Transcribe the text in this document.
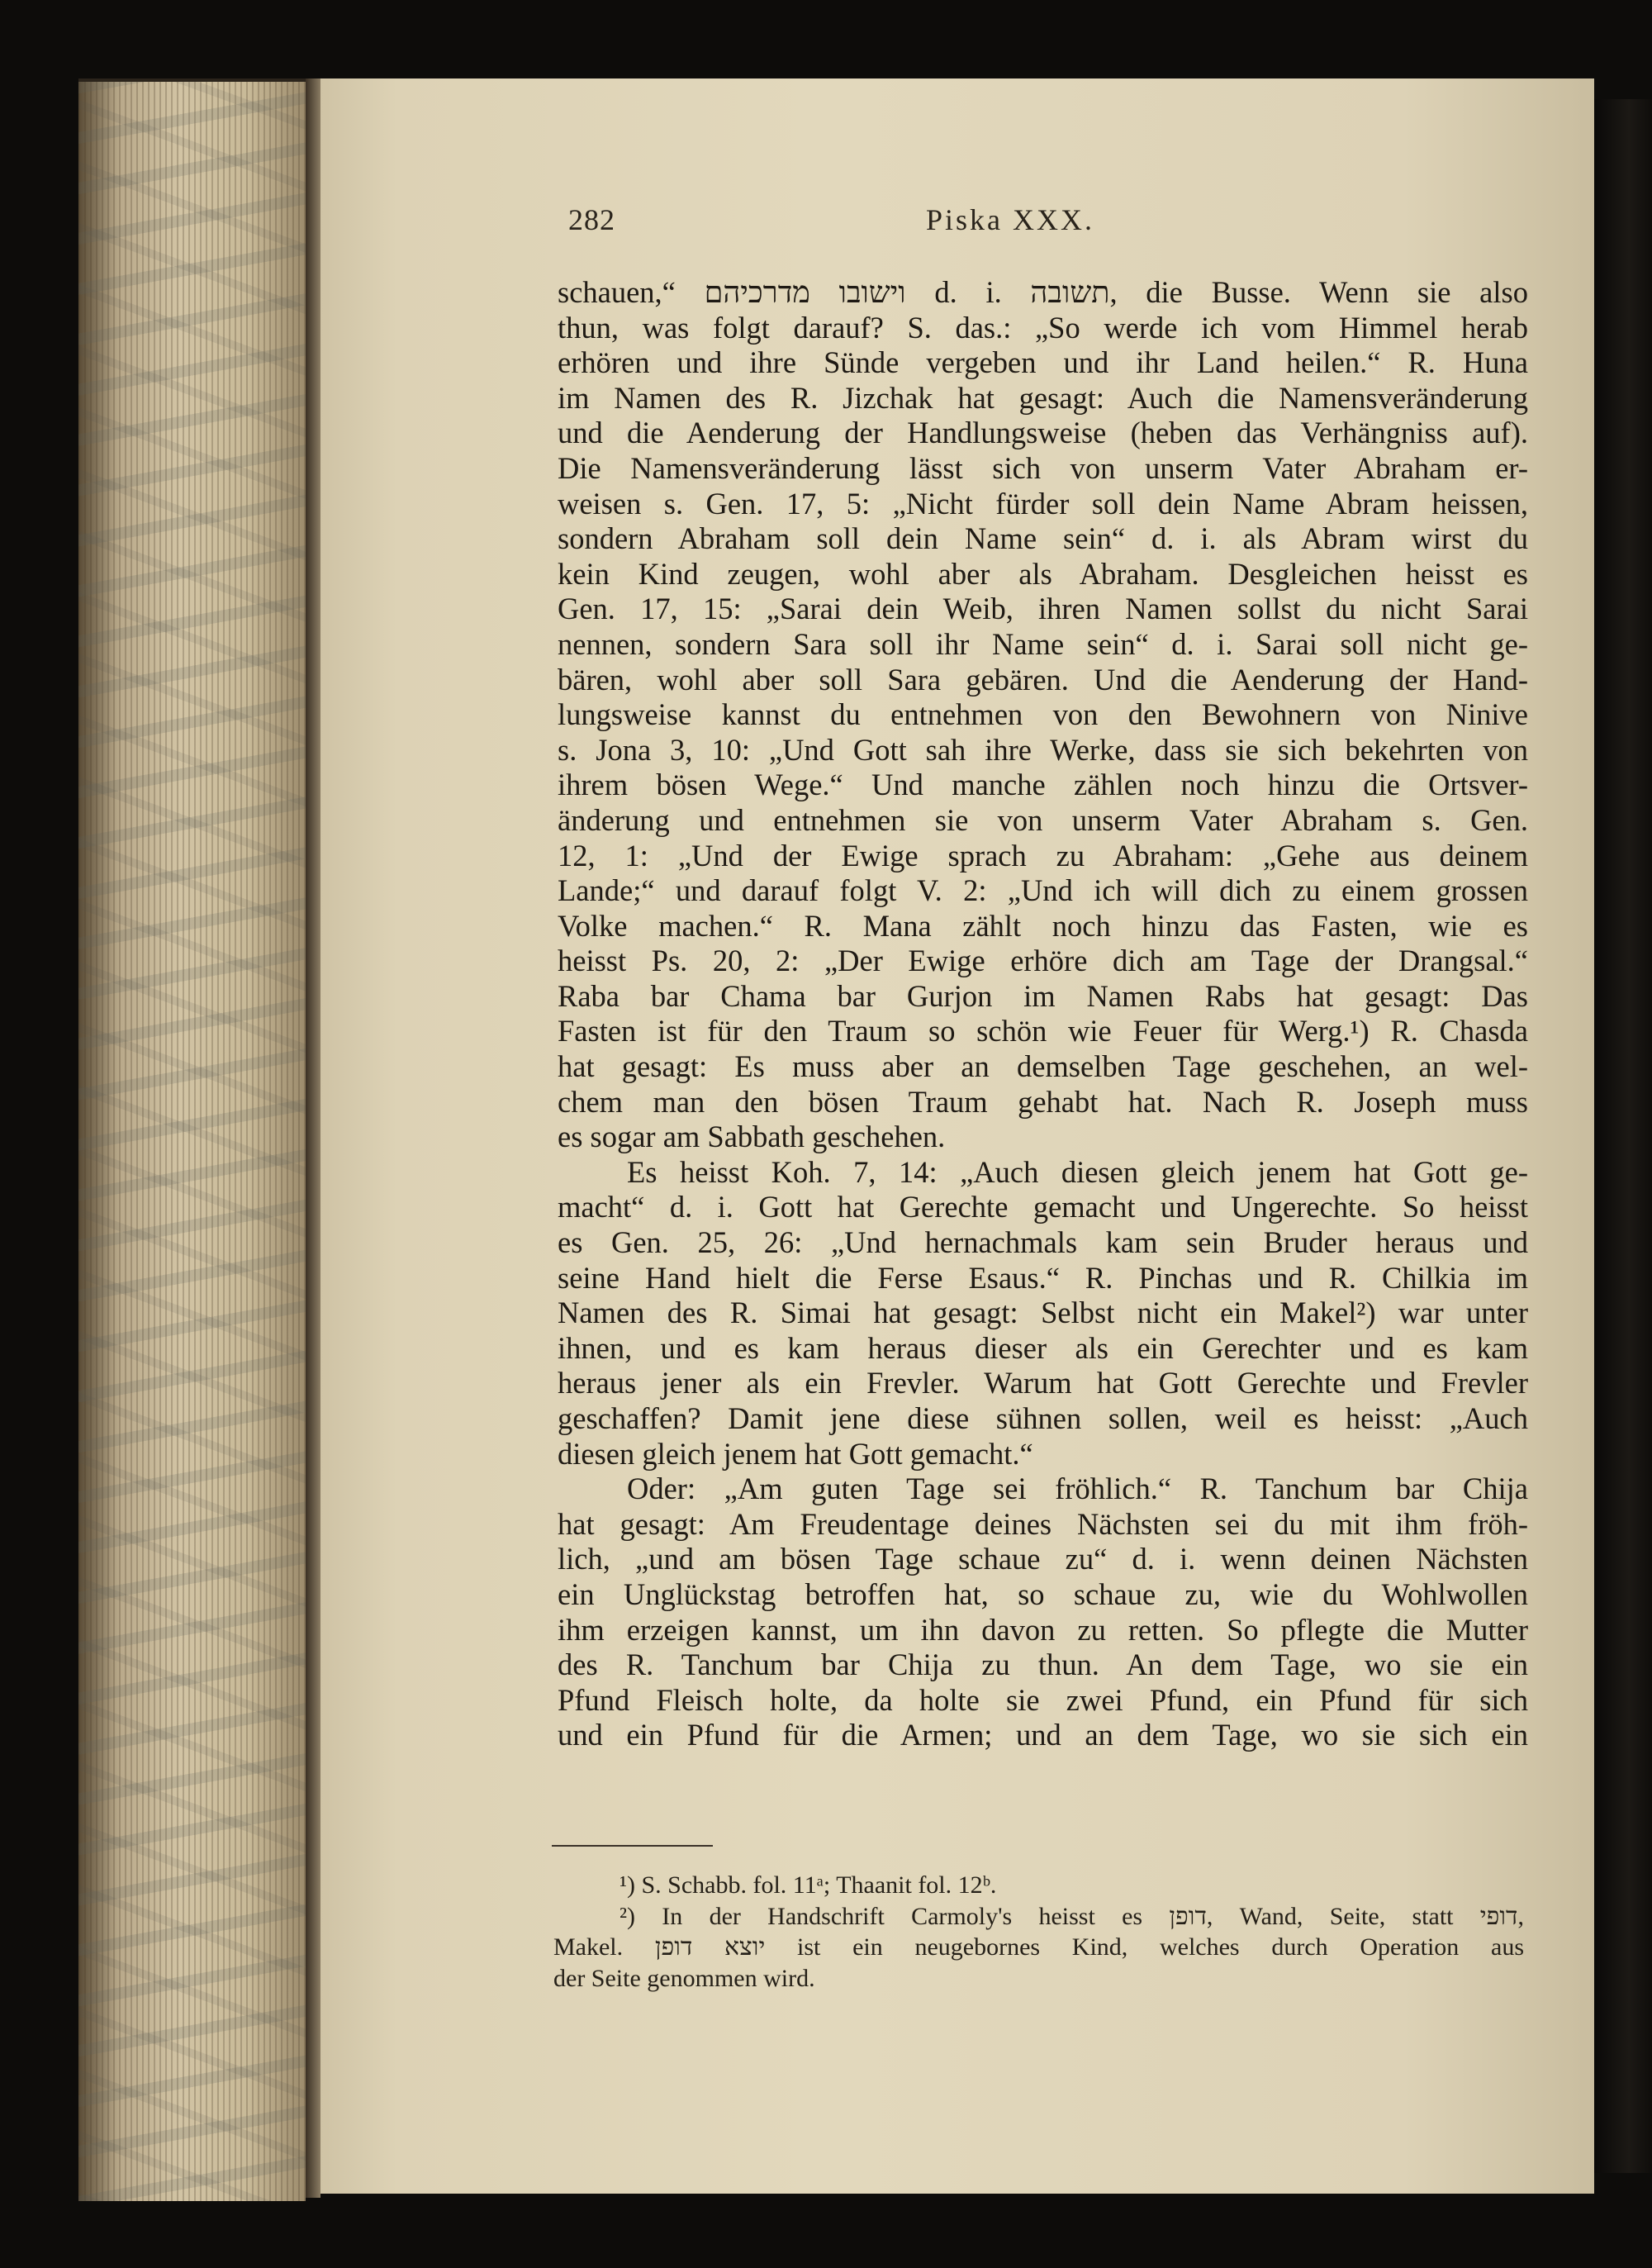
282	Piska XXX.
schauen,“ וישובו מדרכיהם d. i. תשובה, die Busse. Wenn sie also
thun, was folgt darauf? S. das.: „So werde ich vom Himmel herab
erhören und ihre Sünde vergeben und ihr Land heilen.“ R. Huna
im Namen des R. Jizchak hat gesagt: Auch die Namensveränderung
und die Aenderung der Handlungsweise (heben das Verhängniss auf).
Die Namensveränderung lässt sich von unserm Vater Abraham er-
weisen s. Gen. 17, 5: „Nicht fürder soll dein Name Abram heissen,
sondern Abraham soll dein Name sein“ d. i. als Abram wirst du
kein Kind zeugen, wohl aber als Abraham. Desgleichen heisst es
Gen. 17, 15: „Sarai dein Weib, ihren Namen sollst du nicht Sarai
nennen, sondern Sara soll ihr Name sein“ d. i. Sarai soll nicht ge-
bären, wohl aber soll Sara gebären. Und die Aenderung der Hand-
lungsweise kannst du entnehmen von den Bewohnern von Ninive
s. Jona 3, 10: „Und Gott sah ihre Werke, dass sie sich bekehrten von
ihrem bösen Wege.“ Und manche zählen noch hinzu die Ortsver-
änderung und entnehmen sie von unserm Vater Abraham s. Gen.
12, 1: „Und der Ewige sprach zu Abraham: „Gehe aus deinem
Lande;“ und darauf folgt V. 2: „Und ich will dich zu einem grossen
Volke machen.“ R. Mana zählt noch hinzu das Fasten, wie es
heisst Ps. 20, 2: „Der Ewige erhöre dich am Tage der Drangsal.“
Raba bar Chama bar Gurjon im Namen Rabs hat gesagt: Das
Fasten ist für den Traum so schön wie Feuer für Werg.¹) R. Chasda
hat gesagt: Es muss aber an demselben Tage geschehen, an wel-
chem man den bösen Traum gehabt hat. Nach R. Joseph muss
es sogar am Sabbath geschehen.
Es heisst Koh. 7, 14: „Auch diesen gleich jenem hat Gott ge-
macht“ d. i. Gott hat Gerechte gemacht und Ungerechte. So heisst
es Gen. 25, 26: „Und hernachmals kam sein Bruder heraus und
seine Hand hielt die Ferse Esaus.“ R. Pinchas und R. Chilkia im
Namen des R. Simai hat gesagt: Selbst nicht ein Makel²) war unter
ihnen, und es kam heraus dieser als ein Gerechter und es kam
heraus jener als ein Frevler. Warum hat Gott Gerechte und Frevler
geschaffen? Damit jene diese sühnen sollen, weil es heisst: „Auch
diesen gleich jenem hat Gott gemacht.“
Oder: „Am guten Tage sei fröhlich.“ R. Tanchum bar Chija
hat gesagt: Am Freudentage deines Nächsten sei du mit ihm fröh-
lich, „und am bösen Tage schaue zu“ d. i. wenn deinen Nächsten
ein Unglückstag betroffen hat, so schaue zu, wie du Wohlwollen
ihm erzeigen kannst, um ihn davon zu retten. So pflegte die Mutter
des R. Tanchum bar Chija zu thun. An dem Tage, wo sie ein
Pfund Fleisch holte, da holte sie zwei Pfund, ein Pfund für sich
und ein Pfund für die Armen; und an dem Tage, wo sie sich ein
¹) S. Schabb. fol. 11ᵃ; Thaanit fol. 12ᵇ.
²) In der Handschrift Carmoly's heisst es דופן, Wand, Seite, statt דופי,
Makel. יוצא דופן ist ein neugebornes Kind, welches durch Operation aus
der Seite genommen wird.
